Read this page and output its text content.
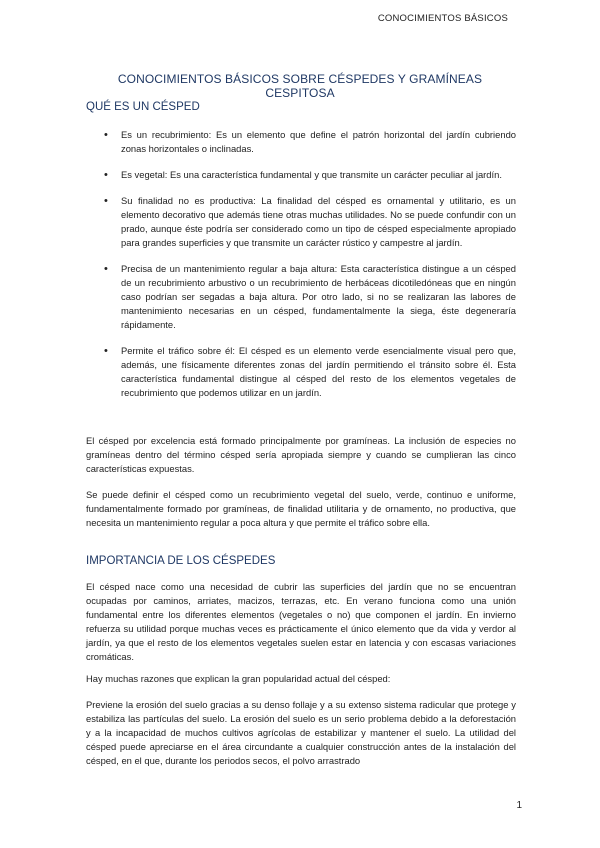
CONOCIMIENTOS BÁSICOS
CONOCIMIENTOS BÁSICOS SOBRE CÉSPEDES Y GRAMÍNEAS CESPITOSA
QUÉ ES UN CÉSPED
• Es un recubrimiento: Es un elemento que define el patrón horizontal del jardín cubriendo zonas horizontales o inclinadas.
• Es vegetal: Es una característica fundamental y que transmite un carácter peculiar al jardín.
• Su finalidad no es productiva: La finalidad del césped es ornamental y utilitario, es un elemento decorativo que además tiene otras muchas utilidades. No se puede confundir con un prado, aunque éste podría ser considerado como un tipo de césped especialmente apropiado para grandes superficies y que transmite un carácter rústico y campestre al jardín.
• Precisa de un mantenimiento regular a baja altura: Esta característica distingue a un césped de un recubrimiento arbustivo o un recubrimiento de herbáceas dicotiledóneas que en ningún caso podrían ser segadas a baja altura. Por otro lado, si no se realizaran las labores de mantenimiento necesarias en un césped, fundamentalmente la siega, éste degeneraría rápidamente.
• Permite el tráfico sobre él: El césped es un elemento verde esencialmente visual pero que, además, une físicamente diferentes zonas del jardín permitiendo el tránsito sobre él. Esta característica fundamental distingue al césped del resto de los elementos vegetales de recubrimiento que podemos utilizar en un jardín.

El césped por excelencia está formado principalmente por gramíneas. La inclusión de especies no gramíneas dentro del término césped sería apropiada siempre y cuando se cumplieran las cinco características expuestas.

Se puede definir el césped como un recubrimiento vegetal del suelo, verde, continuo e uniforme, fundamentalmente formado por gramíneas, de finalidad utilitaria y de ornamento, no productiva, que necesita un mantenimiento regular a poca altura y que permite el tráfico sobre ella.

IMPORTANCIA DE LOS CÉSPEDES

El césped nace como una necesidad de cubrir las superficies del jardín que no se encuentran ocupadas por caminos, arriates, macizos, terrazas, etc. En verano funciona como una unión fundamental entre los diferentes elementos (vegetales o no) que componen el jardín. En invierno refuerza su utilidad porque muchas veces es prácticamente el único elemento que da vida y verdor al jardín, ya que el resto de los elementos vegetales suelen estar en latencia y con escasas variaciones cromáticas.

Hay muchas razones que explican la gran popularidad actual del césped:

Previene la erosión del suelo gracias a su denso follaje y a su extenso sistema radicular que protege y estabiliza las partículas del suelo. La erosión del suelo es un serio problema debido a la deforestación y a la incapacidad de muchos cultivos agrícolas de estabilizar y mantener el suelo. La utilidad del césped puede apreciarse en el área circundante a cualquier construcción antes de la instalación del césped, en el que, durante los periodos secos, el polvo arrastrado

1
